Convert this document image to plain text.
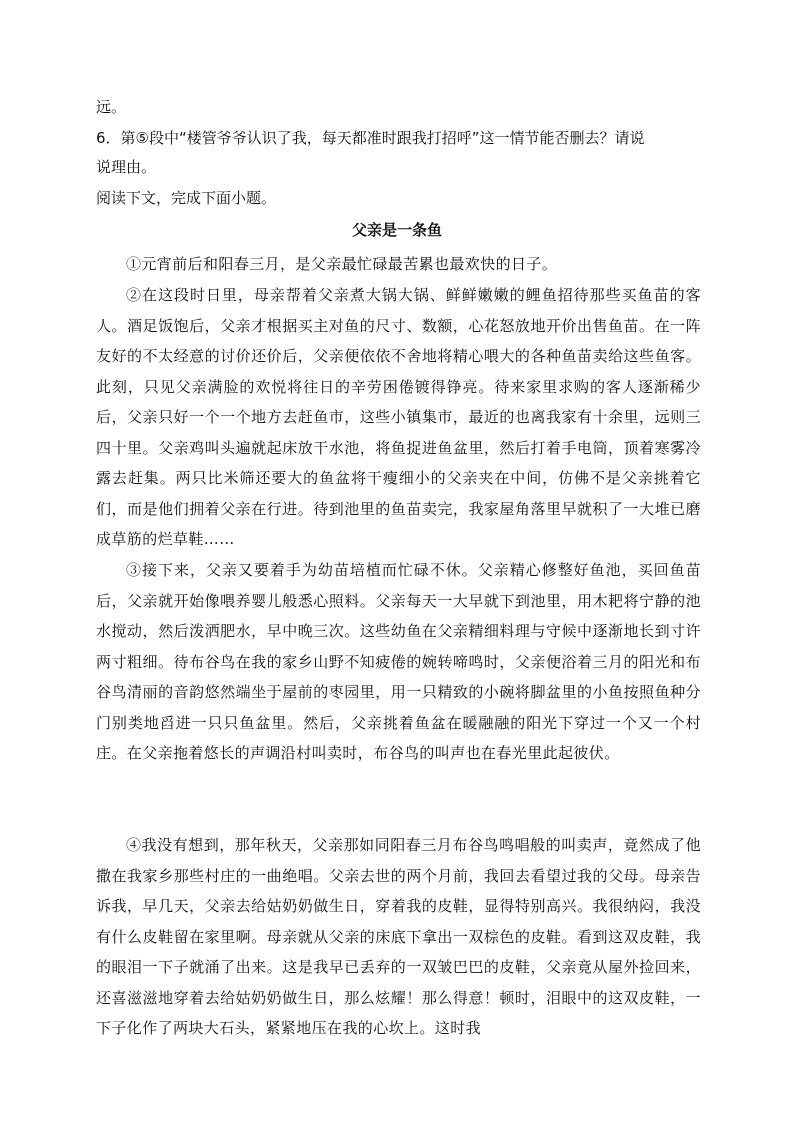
远。
6．第⑤段中“楼管爷爷认识了我，每天都准时跟我打招呼”这一情节能否删去？请说
说理由。
阅读下文，完成下面小题。
父亲是一条鱼
①元宵前后和阳春三月，是父亲最忙碌最苦累也最欢快的日子。
②在这段时日里，母亲帮着父亲煮大锅大锅、鲜鲜嫩嫩的鲤鱼招待那些买鱼苗的客人。酒足饭饱后，父亲才根据买主对鱼的尺寸、数额，心花怒放地开价出售鱼苗。在一阵友好的不太经意的讨价还价后，父亲便依依不舍地将精心喂大的各种鱼苗卖给这些鱼客。此刻，只见父亲满脸的欢悦将往日的辛劳困倦镀得铮亮。待来家里求购的客人逐渐稀少后，父亲只好一个一个地方去赶鱼市，这些小镇集市，最近的也离我家有十余里，远则三四十里。父亲鸡叫头遍就起床放干水池，将鱼捉进鱼盆里，然后打着手电筒，顶着寒雾冷露去赶集。两只比米筛还要大的鱼盆将干瘦细小的父亲夹在中间，仿佛不是父亲挑着它们，而是他们拥着父亲在行进。待到池里的鱼苗卖完，我家屋角落里早就积了一大堆已磨成草筋的烂草鞋……
③接下来，父亲又要着手为幼苗培植而忙碌不休。父亲精心修整好鱼池，买回鱼苗后，父亲就开始像喂养婴儿般悉心照料。父亲每天一大早就下到池里，用木耙将宁静的池水搅动，然后泼洒肥水，早中晚三次。这些幼鱼在父亲精细料理与守候中逐渐地长到寸许两寸粗细。待布谷鸟在我的家乡山野不知疲倦的婉转啼鸣时，父亲便浴着三月的阳光和布谷鸟清丽的音韵悠然端坐于屋前的枣园里，用一只精致的小碗将脚盆里的小鱼按照鱼种分门别类地舀进一只只鱼盆里。然后，父亲挑着鱼盆在暖融融的阳光下穿过一个又一个村庄。在父亲拖着悠长的声调沿村叫卖时，布谷鸟的叫声也在春光里此起彼伏。
④我没有想到，那年秋天，父亲那如同阳春三月布谷鸟鸣唱般的叫卖声，竟然成了他撒在我家乡那些村庄的一曲绝唱。父亲去世的两个月前，我回去看望过我的父母。母亲告诉我，早几天，父亲去给姑奶奶做生日，穿着我的皮鞋，显得特别高兴。我很纳闷，我没有什么皮鞋留在家里啊。母亲就从父亲的床底下拿出一双棕色的皮鞋。看到这双皮鞋，我的眼泪一下子就涌了出来。这是我早已丢弃的一双皱巴巴的皮鞋，父亲竟从屋外捡回来，还喜滋滋地穿着去给姑奶奶做生日，那么炫耀！那么得意！顿时，泪眼中的这双皮鞋，一下子化作了两块大石头，紧紧地压在我的心坎上。这时我
